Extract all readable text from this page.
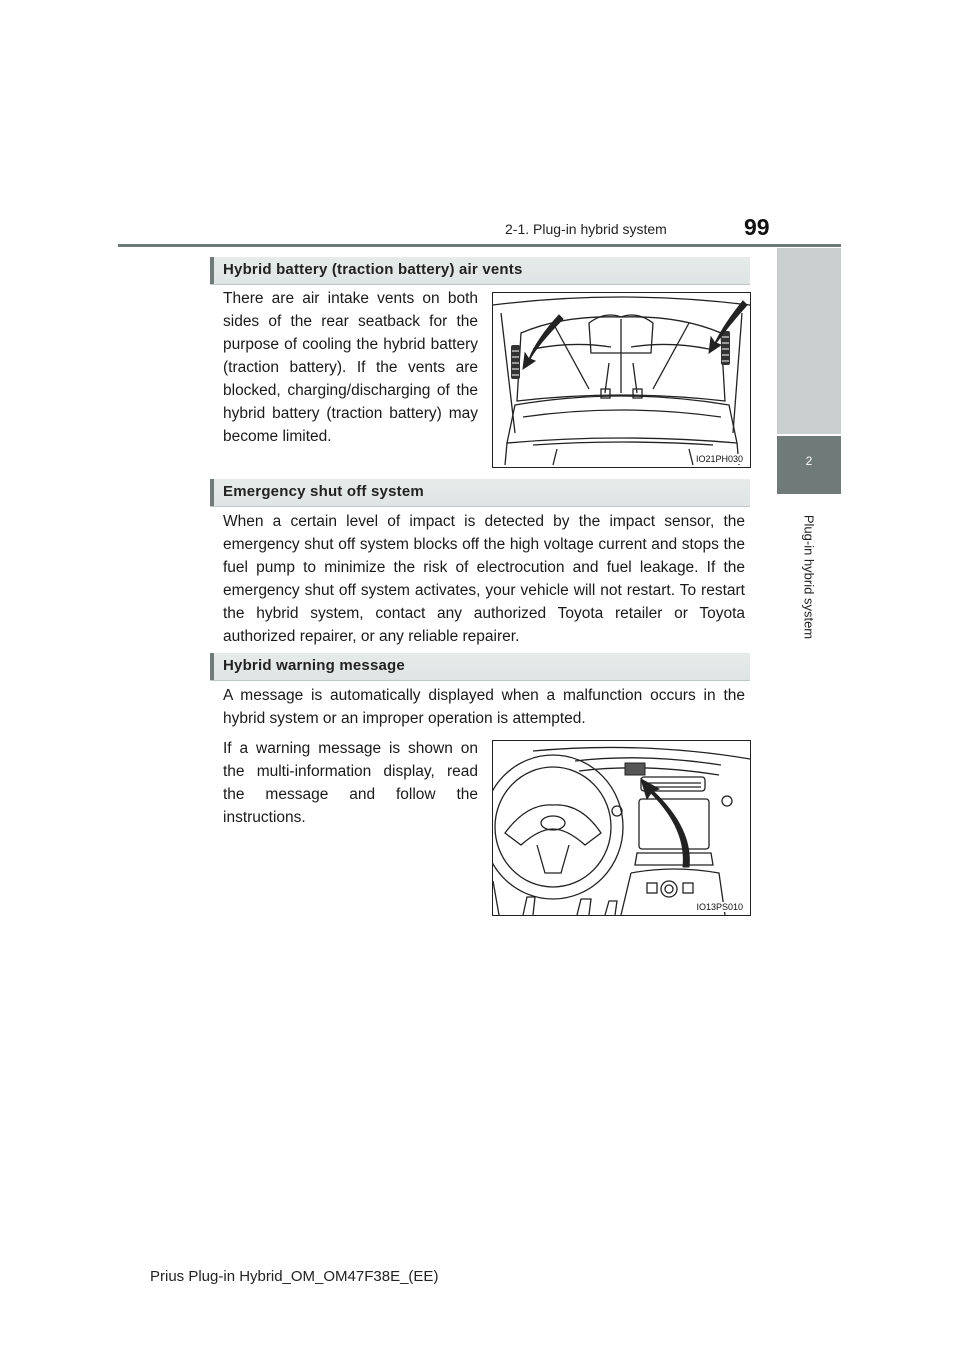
2-1. Plug-in hybrid system	99
2
Plug-in hybrid system
Hybrid battery (traction battery) air vents
There are air intake vents on both sides of the rear seatback for the purpose of cooling the hybrid battery (traction battery). If the vents are blocked, charging/discharging of the hybrid battery (traction battery) may become limited.
IO21PH030
Emergency shut off system
When a certain level of impact is detected by the impact sensor, the emergency shut off system blocks off the high voltage current and stops the fuel pump to minimize the risk of electrocution and fuel leakage. If the emergency shut off system activates, your vehicle will not restart. To restart the hybrid system, contact any authorized Toyota retailer or Toyota authorized repairer, or any reliable repairer.
Hybrid warning message
A message is automatically displayed when a malfunction occurs in the hybrid system or an improper operation is attempted.
If a warning message is shown on the multi-information display, read the message and follow the instructions.
IO13PS010
Prius Plug-in Hybrid_OM_OM47F38E_(EE)
